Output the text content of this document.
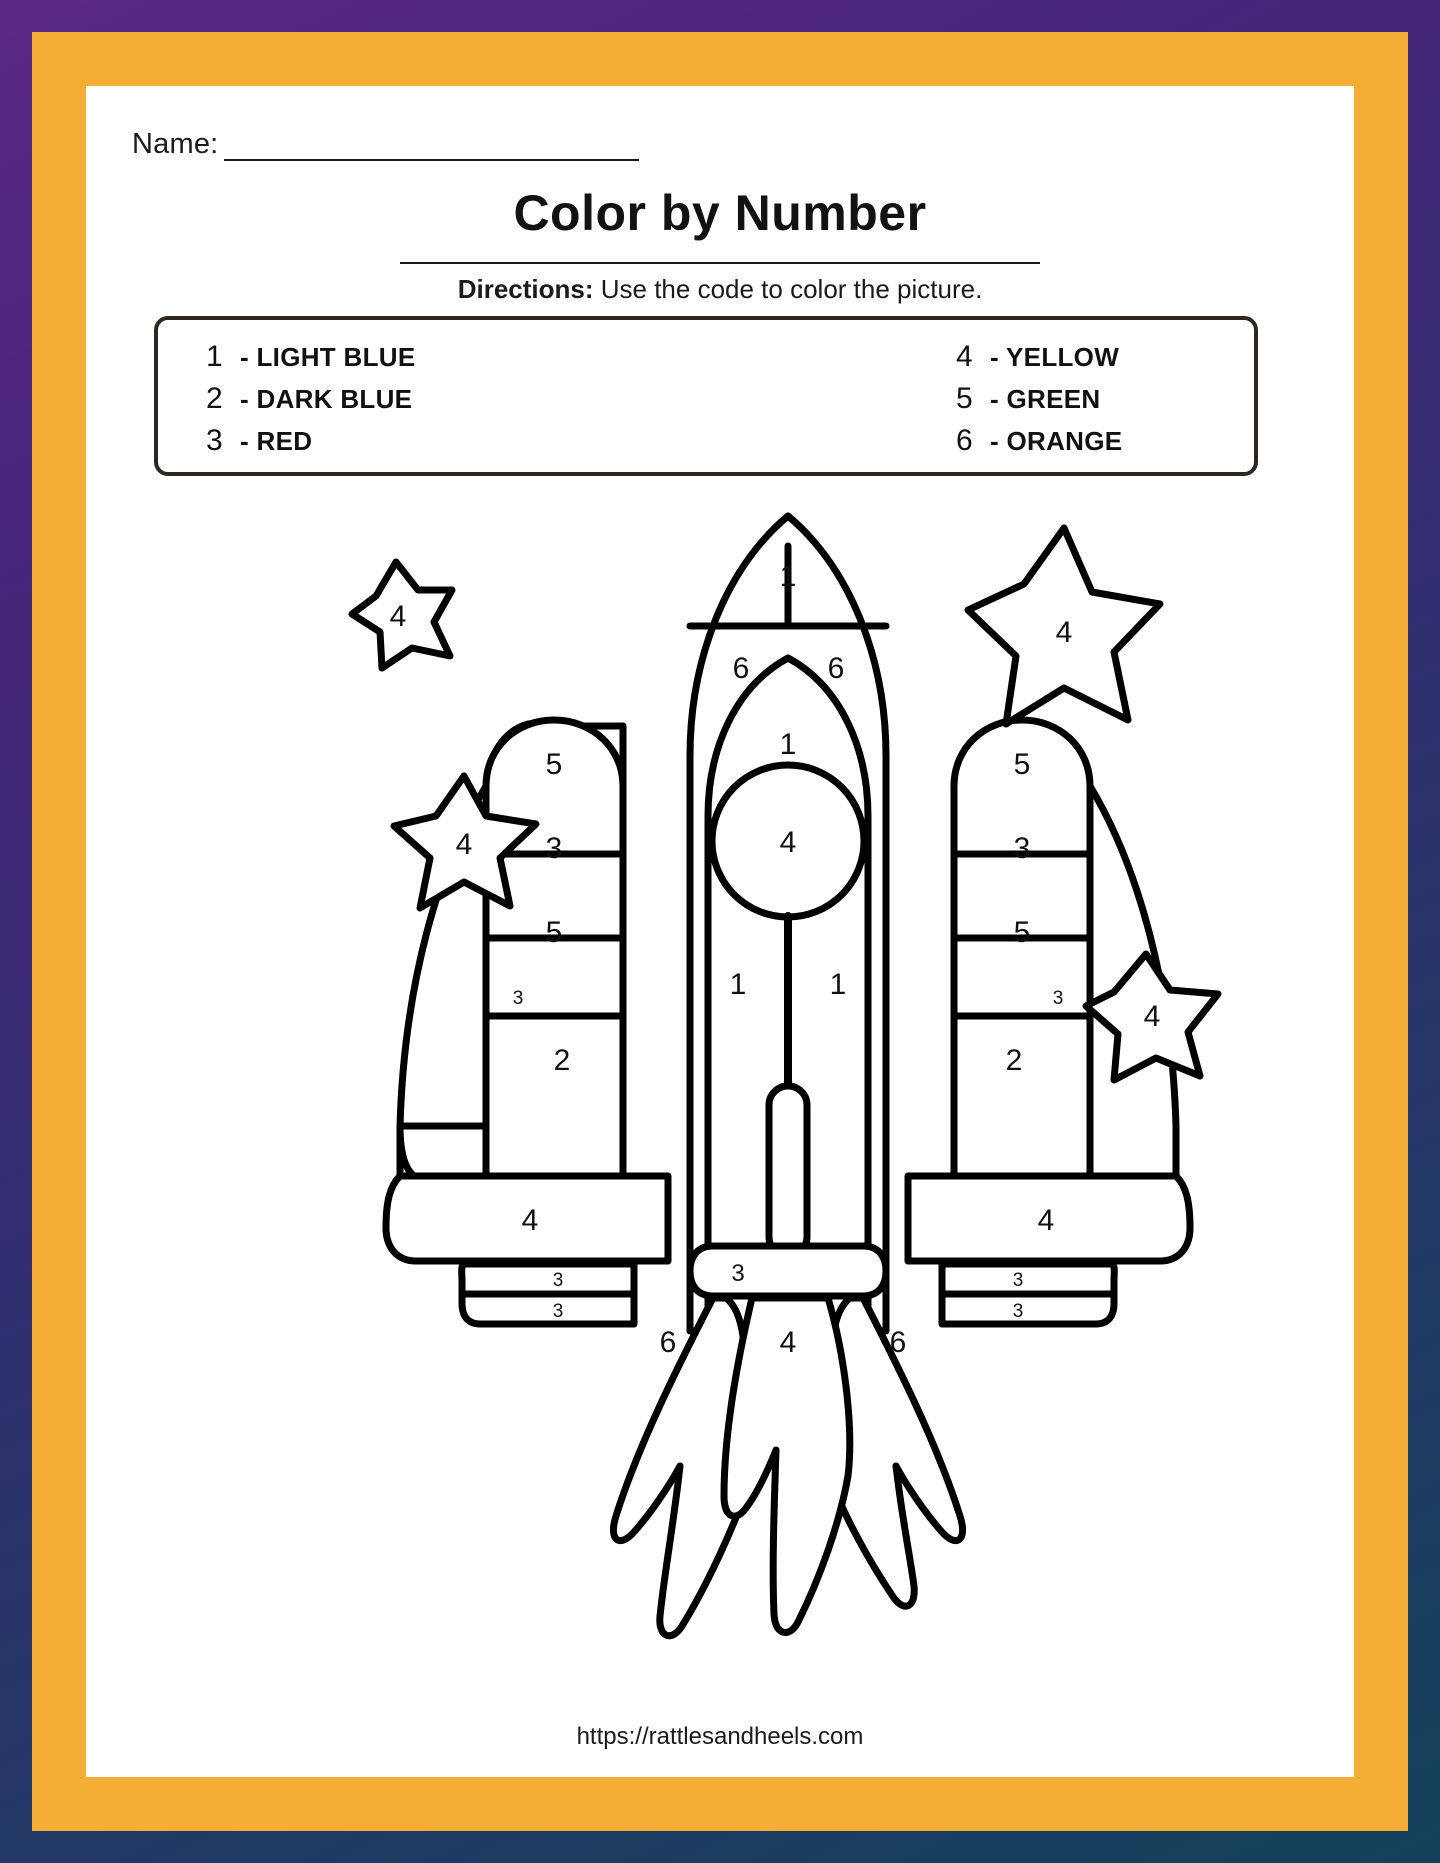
Name:
Color by Number
Directions: Use the code to color the picture.
1 - LIGHT BLUE
2 - DARK BLUE
3 - RED
4 - YELLOW
5 - GREEN
6 - ORANGE
1
6	6
1
4
1	1
5
3
5
3
2
5
3
5
3
2
4	4
3
3
3
3
3
6	4	6
4
4
4
4
https://rattlesandheels.com
